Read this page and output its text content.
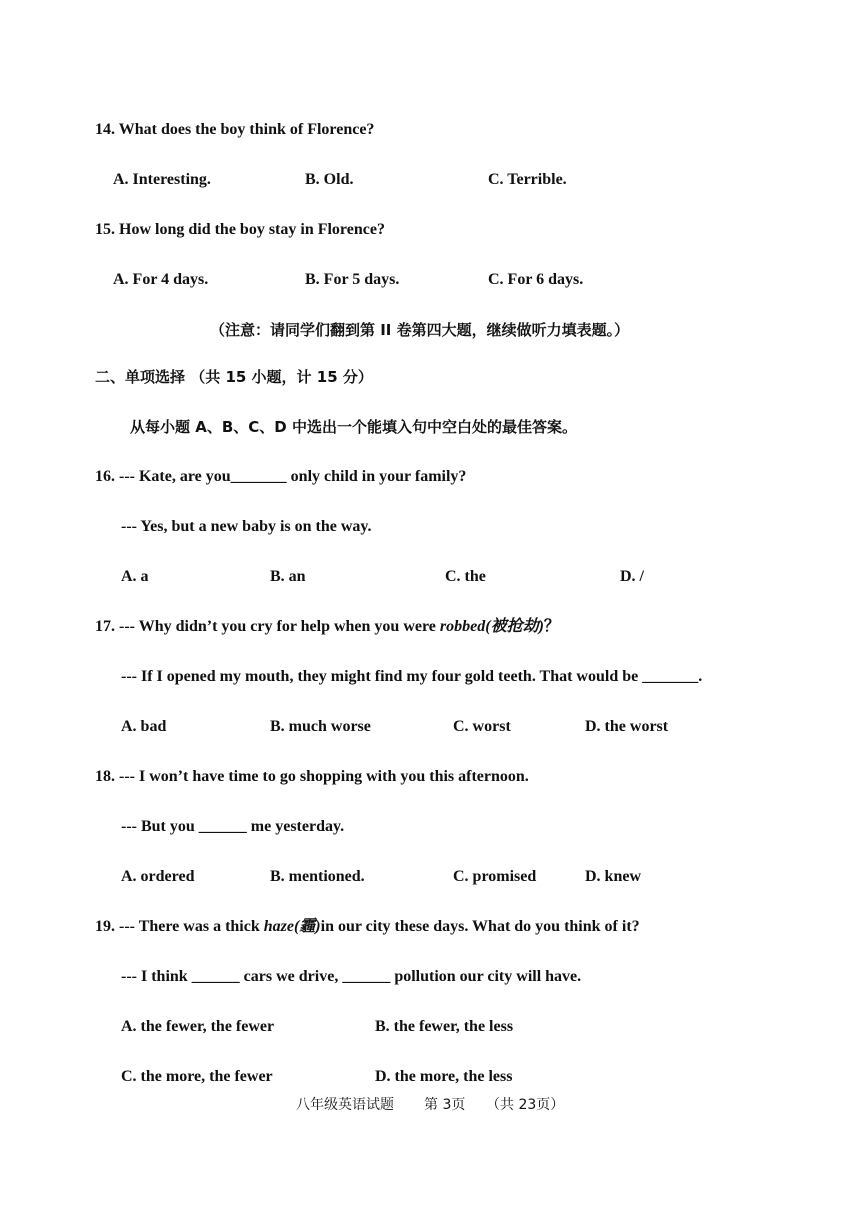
14. What does the boy think of Florence?
A. Interesting.	B. Old.	C. Terrible.
15. How long did the boy stay in Florence?
A. For 4 days.	B. For 5 days.	C. For 6 days.
（注意：请同学们翻到第 II 卷第四大题，继续做听力填表题。）
二、单项选择 （共 15 小题，计 15 分）
从每小题 A、B、C、D 中选出一个能填入句中空白处的最佳答案。
16. --- Kate, are you_______ only child in your family?
--- Yes, but a new baby is on the way.
A. a	B. an	C. the	D. /
17. --- Why didn’t you cry for help when you were robbed(被抢劫)？
--- If I opened my mouth, they might find my four gold teeth. That would be _______.
A. bad	B. much worse	C. worst	D. the worst
18. --- I won’t have time to go shopping with you this afternoon.
--- But you ______ me yesterday.
A. ordered	B. mentioned.	C. promised	D. knew
19. --- There was a thick haze(霾)in our city these days. What do you think of it?
--- I think ______ cars we drive, ______ pollution our city will have.
A. the fewer, the fewer	B. the fewer, the less
C. the more, the fewer	D. the more, the less
八年级英语试题 第 3页 （共 23页）
